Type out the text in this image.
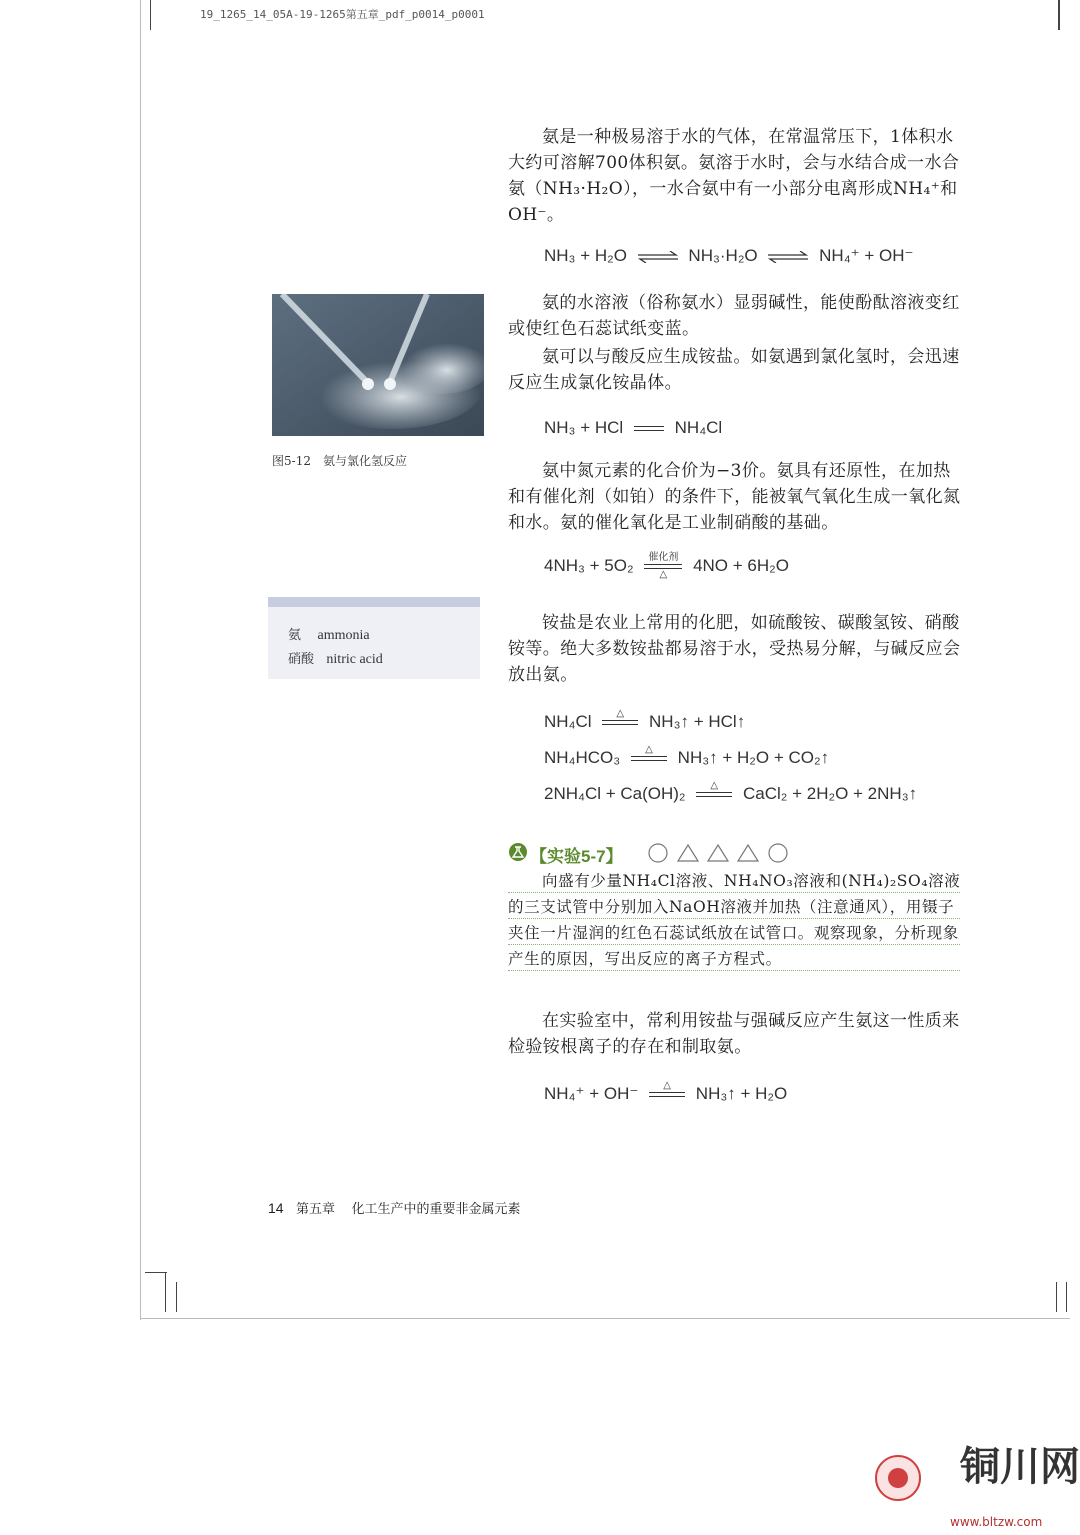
19_1265_14_05A-19-1265第五章_pdf_p0014_p0001

氨是一种极易溶于水的气体，在常温常压下，1体积水大约可溶解700体积氨。氨溶于水时，会与水结合成一水合氨（NH₃·H₂O），一水合氨中有一小部分电离形成NH₄⁺和OH⁻。

NH₃ + H₂O ⇌ NH₃·H₂O ⇌ NH₄⁺ + OH⁻

氨的水溶液（俗称氨水）显弱碱性，能使酚酞溶液变红或使红色石蕊试纸变蓝。

氨可以与酸反应生成铵盐。如氨遇到氯化氢时，会迅速反应生成氯化铵晶体。

NH₃ + HCl	NH₄Cl
图5-12　氨与氯化氢反应	氨中氮元素的化合价为−3价。氨具有还原性，在加热和有催化剂（如铂）的条件下，能被氧气氧化生成一氧化氮和水。氨的催化氧化是工业制硝酸的基础。

4NH₃ + 5O₂	催化剂
△	4NO + 6H₂O
氨 ammonia
硝酸 nitric acid

铵盐是农业上常用的化肥，如硫酸铵、碳酸氢铵、硝酸铵等。绝大多数铵盐都易溶于水，受热易分解，与碱反应会放出氨。

NH₄Cl	△	NH₃↑ + HCl↑
NH₄HCO₃	△	NH₃↑ + H₂O + CO₂↑
2NH₄Cl + Ca(OH)₂	△	CaCl₂ + 2H₂O + 2NH₃↑
【实验5-7】

向盛有少量NH₄Cl溶液、NH₄NO₃溶液和(NH₄)₂SO₄溶液的三支试管中分别加入NaOH溶液并加热（注意通风），用镊子夹住一片湿润的红色石蕊试纸放在试管口。观察现象，分析现象产生的原因，写出反应的离子方程式。

在实验室中，常利用铵盐与强碱反应产生氨这一性质来检验铵根离子的存在和制取氨。

NH₄⁺ + OH⁻	△	NH₃↑ + H₂O
14 第五章 化工生产中的重要非金属元素
铜川网
www.bltzw.com
